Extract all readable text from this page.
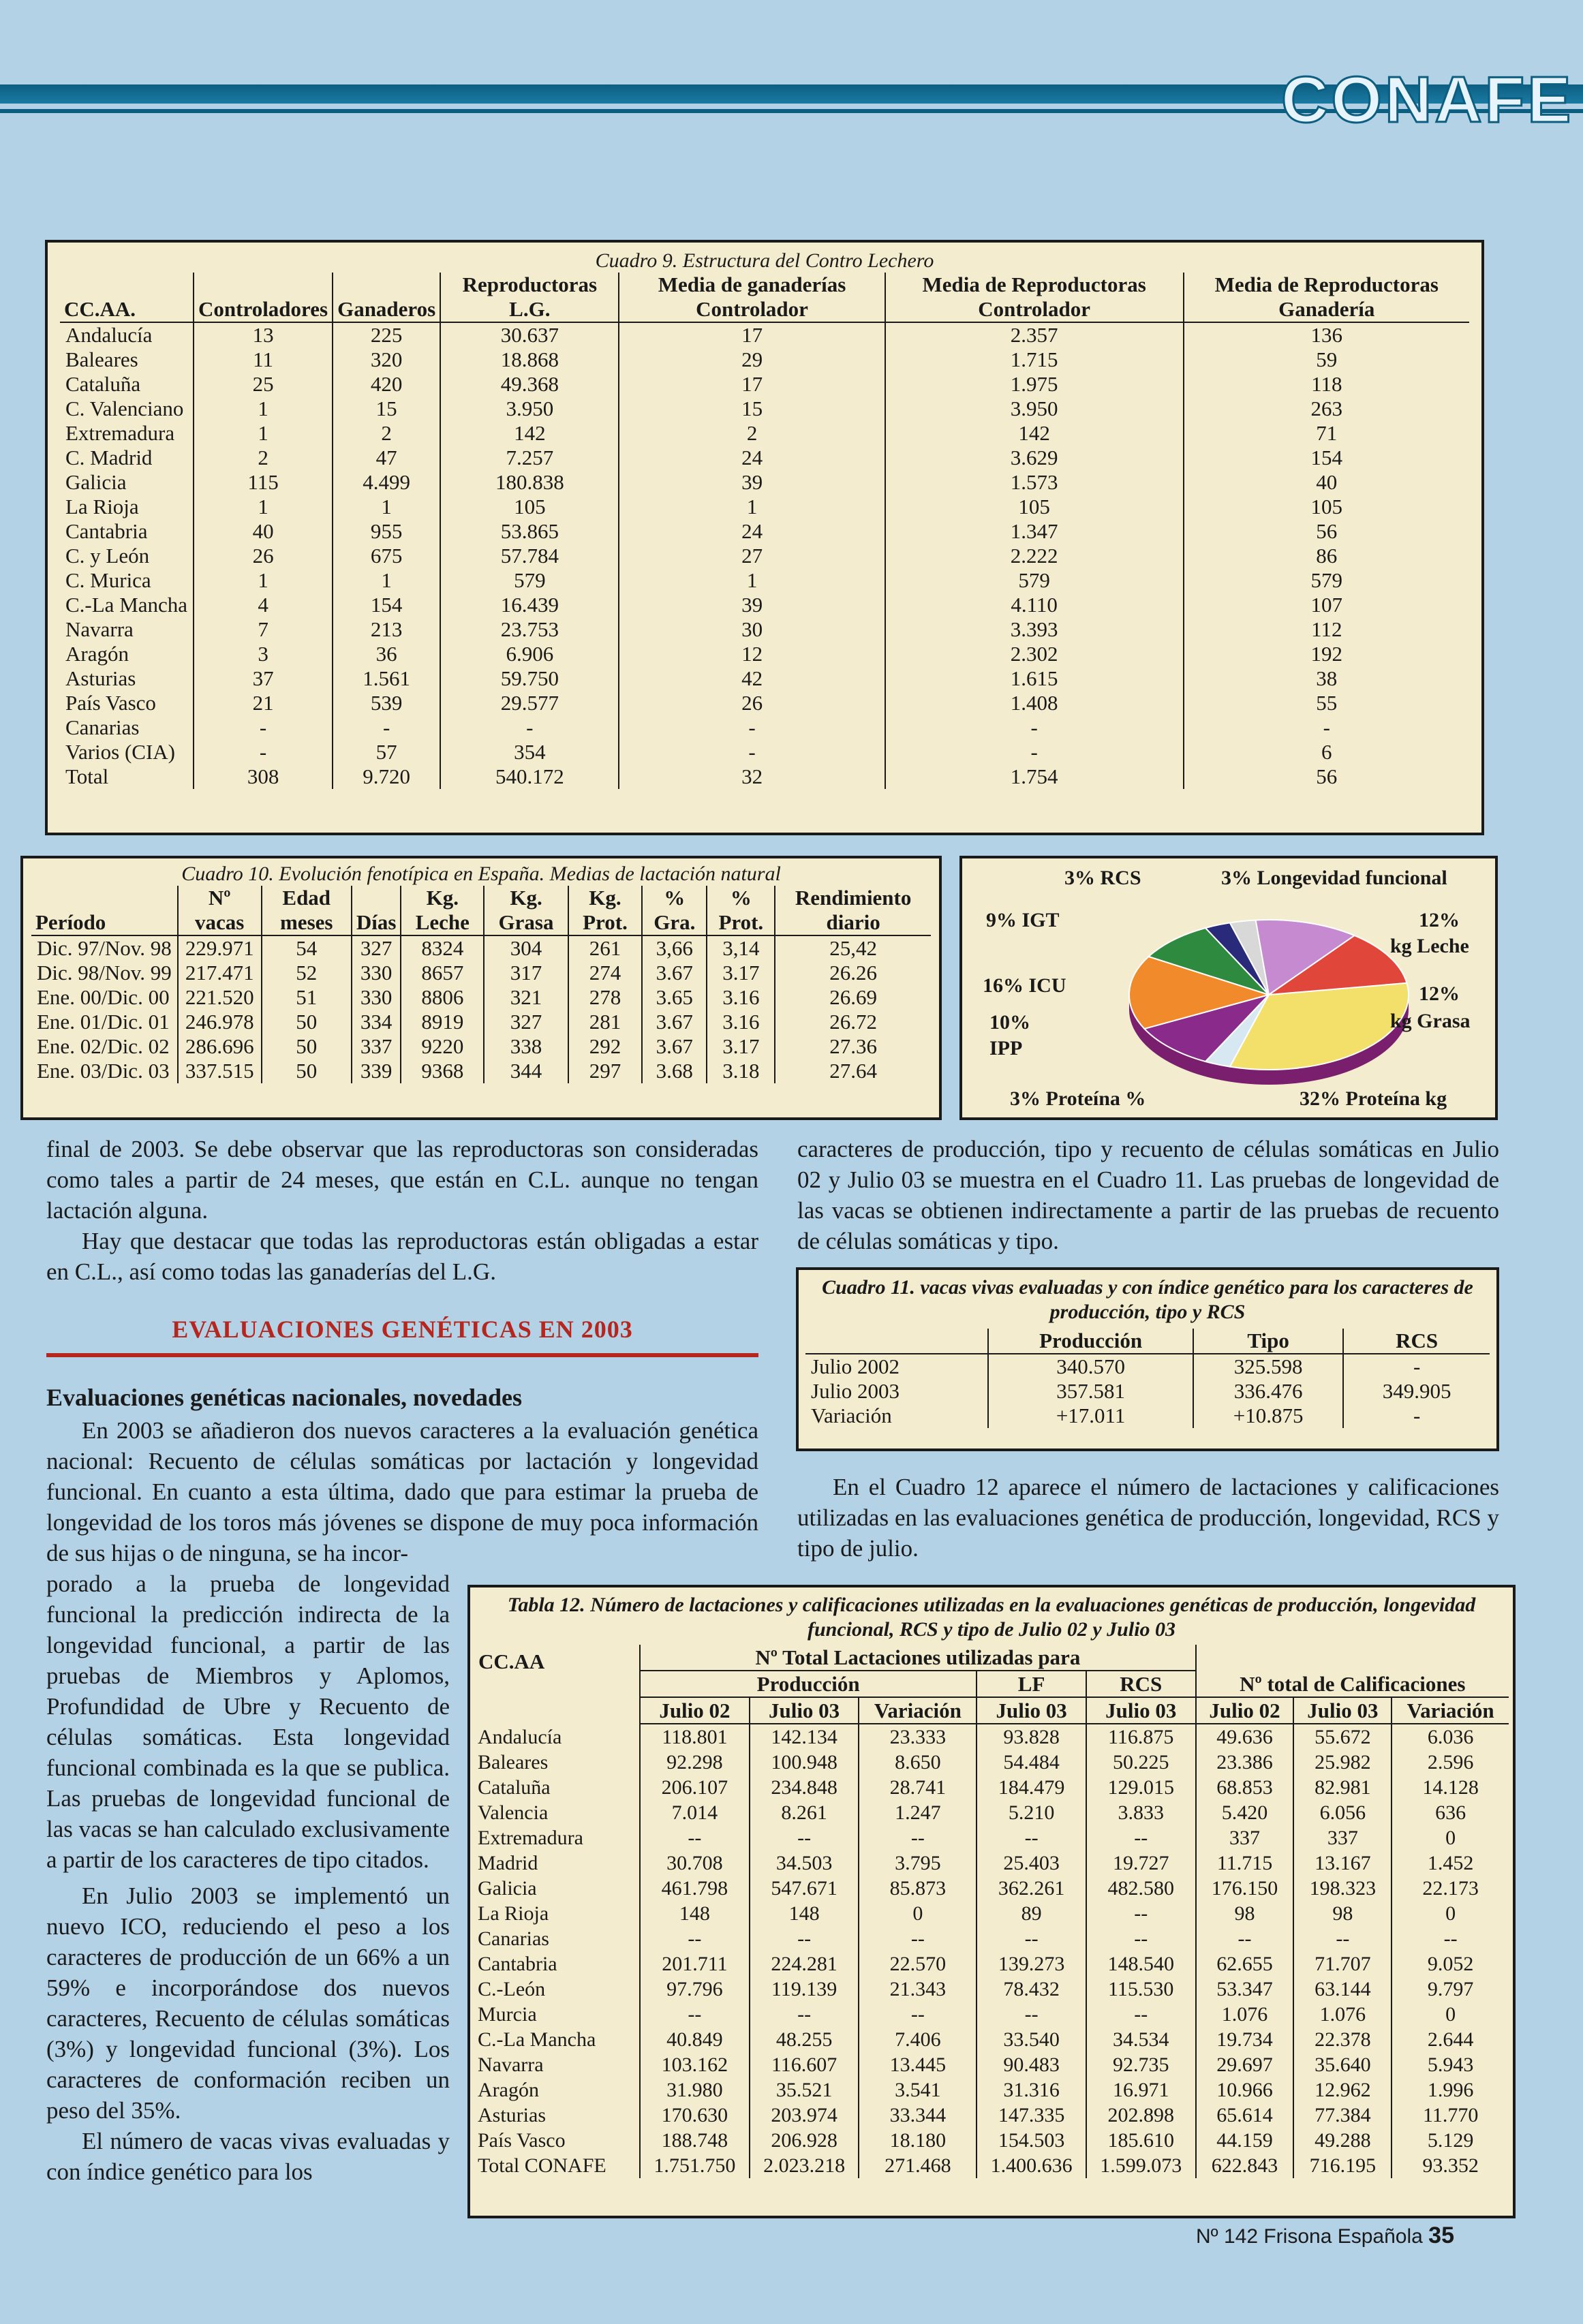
CONAFE
Cuadro 9. Estructura del Contro Lechero
CC.AA.	Controladores	Ganaderos	Reproductoras L.G.	Media de ganaderías Controlador	Media de Reproductoras Controlador	Media de Reproductoras Ganadería
Andalucía	13	225	30.637	17	2.357	136
Baleares	11	320	18.868	29	1.715	59
Cataluña	25	420	49.368	17	1.975	118
C. Valenciano	1	15	3.950	15	3.950	263
Extremadura	1	2	142	2	142	71
C. Madrid	2	47	7.257	24	3.629	154
Galicia	115	4.499	180.838	39	1.573	40
La Rioja	1	1	105	1	105	105
Cantabria	40	955	53.865	24	1.347	56
C. y León	26	675	57.784	27	2.222	86
C. Murica	1	1	579	1	579	579
C.-La Mancha	4	154	16.439	39	4.110	107
Navarra	7	213	23.753	30	3.393	112
Aragón	3	36	6.906	12	2.302	192
Asturias	37	1.561	59.750	42	1.615	38
País Vasco	21	539	29.577	26	1.408	55
Canarias	-	-	-	-	-	-
Varios (CIA)	-	57	354	-	-	6
Total	308	9.720	540.172	32	1.754	56
Cuadro 10. Evolución fenotípica en España. Medias de lactación natural
Período	Nº vacas	Edad meses	Días	Kg. Leche	Kg. Grasa	Kg. Prot.	% Gra.	% Prot.	Rendimiento diario
Dic. 97/Nov. 98	229.971	54	327	8324	304	261	3,66	3,14	25,42
Dic. 98/Nov. 99	217.471	52	330	8657	317	274	3.67	3.17	26.26
Ene. 00/Dic. 00	221.520	51	330	8806	321	278	3.65	3.16	26.69
Ene. 01/Dic. 01	246.978	50	334	8919	327	281	3.67	3.16	26.72
Ene. 02/Dic. 02	286.696	50	337	9220	338	292	3.67	3.17	27.36
Ene. 03/Dic. 03	337.515	50	339	9368	344	297	3.68	3.18	27.64
3% RCS	3% Longevidad funcional
9% IGT	12%
kg Leche
16% ICU	12%
kg Grasa
10%
IPP
3% Proteína %	32% Proteína kg

final de 2003. Se debe observar que las reproductoras son consideradas como tales a partir de 24 meses, que están en C.L. aunque no tengan lactación alguna.

Hay que destacar que todas las reproductoras están obligadas a estar en C.L., así como todas las ganaderías del L.G.

caracteres de producción, tipo y recuento de células somáticas en Julio 02 y Julio 03 se muestra en el Cuadro 11. Las pruebas de longevidad de las vacas se obtienen indirectamente a partir de las pruebas de recuento de células somáticas y tipo.

EVALUACIONES GENÉTICAS EN 2003
Evaluaciones genéticas nacionales, novedades

En 2003 se añadieron dos nuevos caracteres a la evaluación genética nacional: Recuento de células somáticas por lactación y longevidad funcional. En cuanto a esta última, dado que para estimar la prueba de longevidad de los toros más jóvenes se dispone de muy poca información de sus hijas o de ninguna, se ha incor-

porado a la prueba de longevidad funcional la predicción indirecta de la longevidad funcional, a partir de las pruebas de Miembros y Aplomos, Profundidad de Ubre y Recuento de células somáticas. Esta longevidad funcional combinada es la que se publica. Las pruebas de longevidad funcional de las vacas se han calculado exclusivamente a partir de los caracteres de tipo citados.

En Julio 2003 se implementó un nuevo ICO, reduciendo el peso a los caracteres de producción de un 66% a un 59% e incorporándose dos nuevos caracteres, Recuento de células somáticas (3%) y longevidad funcional (3%). Los caracteres de conformación reciben un peso del 35%.

El número de vacas vivas evaluadas y con índice genético para los

Cuadro 11. vacas vivas evaluadas y con índice genético para los caracteres de producción, tipo y RCS
	Producción	Tipo	RCS
Julio 2002	340.570	325.598	-
Julio 2003	357.581	336.476	349.905
Variación	+17.011	+10.875	-

En el Cuadro 12 aparece el número de lactaciones y calificaciones utilizadas en las evaluaciones genética de producción, longevidad, RCS y tipo de julio.

Tabla 12. Número de lactaciones y calificaciones utilizadas en la evaluaciones genéticas de producción, longevidad funcional, RCS y tipo de Julio 02 y Julio 03
CC.AA	Nº Total Lactaciones utilizadas para					Nº total de Calificaciones		
	Producción			LF	RCS			
	Julio 02	Julio 03	Variación	Julio 03	Julio 03	Julio 02	Julio 03	Variación
Andalucía	118.801	142.134	23.333	93.828	116.875	49.636	55.672	6.036
Baleares	92.298	100.948	8.650	54.484	50.225	23.386	25.982	2.596
Cataluña	206.107	234.848	28.741	184.479	129.015	68.853	82.981	14.128
Valencia	7.014	8.261	1.247	5.210	3.833	5.420	6.056	636
Extremadura	--	--	--	--	--	337	337	0
Madrid	30.708	34.503	3.795	25.403	19.727	11.715	13.167	1.452
Galicia	461.798	547.671	85.873	362.261	482.580	176.150	198.323	22.173
La Rioja	148	148	0	89	--	98	98	0
Canarias	--	--	--	--	--	--	--	--
Cantabria	201.711	224.281	22.570	139.273	148.540	62.655	71.707	9.052
C.-León	97.796	119.139	21.343	78.432	115.530	53.347	63.144	9.797
Murcia	--	--	--	--	--	1.076	1.076	0
C.-La Mancha	40.849	48.255	7.406	33.540	34.534	19.734	22.378	2.644
Navarra	103.162	116.607	13.445	90.483	92.735	29.697	35.640	5.943
Aragón	31.980	35.521	3.541	31.316	16.971	10.966	12.962	1.996
Asturias	170.630	203.974	33.344	147.335	202.898	65.614	77.384	11.770
País Vasco	188.748	206.928	18.180	154.503	185.610	44.159	49.288	5.129
Total CONAFE	1.751.750	2.023.218	271.468	1.400.636	1.599.073	622.843	716.195	93.352
Nº 142 Frisona Española 35
